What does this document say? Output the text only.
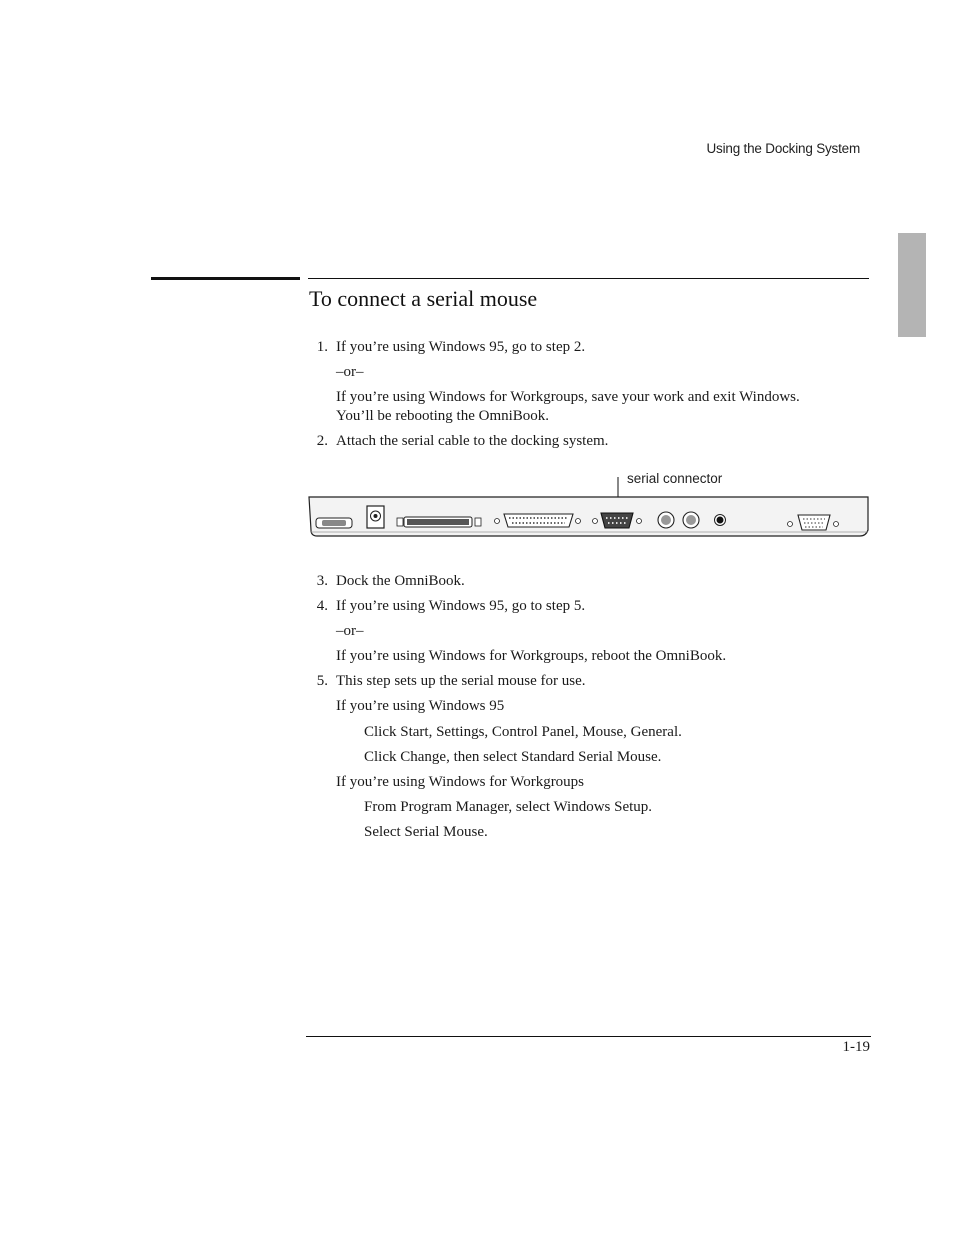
Using the Docking System
To connect a serial mouse
1. If you’re using Windows 95, go to step 2.
–or–
If you’re using Windows for Workgroups, save your work and exit Windows.
You’ll be rebooting the OmniBook.
2. Attach the serial cable to the docking system.
serial connector
3. Dock the OmniBook.
4. If you’re using Windows 95, go to step 5.
–or–
If you’re using Windows for Workgroups, reboot the OmniBook.
5. This step sets up the serial mouse for use.
If you’re using Windows 95
Click Start, Settings, Control Panel, Mouse, General.
Click Change, then select Standard Serial Mouse.
If you’re using Windows for Workgroups
From Program Manager, select Windows Setup.
Select Serial Mouse.
1-19
